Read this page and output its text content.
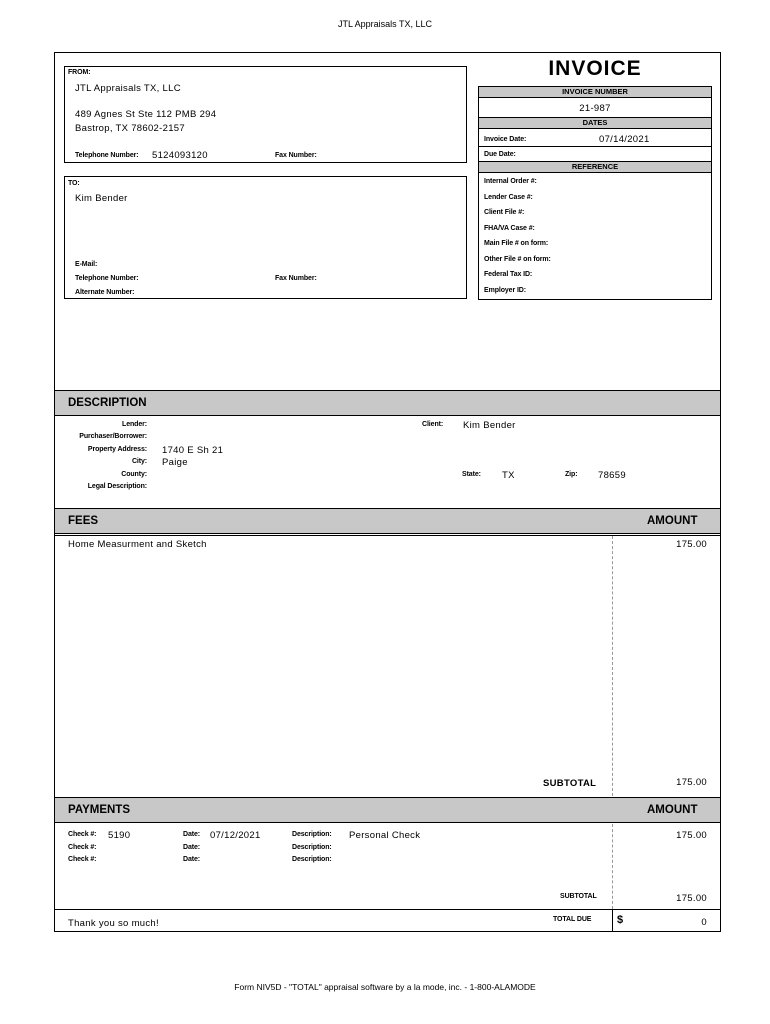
JTL Appraisals TX, LLC
FROM:
JTL Appraisals TX, LLC
489 Agnes St Ste 112 PMB 294
Bastrop, TX 78602-2157
Telephone Number: 5124093120	Fax Number:
TO:
Kim Bender
E-Mail:
Telephone Number:	Fax Number:
Alternate Number:
INVOICE
INVOICE NUMBER
21-987
DATES
Invoice Date:	07/14/2021
Due Date:
REFERENCE
Internal Order #:
Lender Case #:
Client File #:
FHA/VA Case #:
Main File # on form:
Other File # on form:
Federal Tax ID:
Employer ID:
DESCRIPTION
Lender:	Client: Kim Bender
Purchaser/Borrower:
Property Address: 1740 E Sh 21
City: Paige
County:	State: TX	Zip: 78659
Legal Description:
FEES	AMOUNT
Home Measurment and Sketch	175.00
SUBTOTAL	175.00
PAYMENTS	AMOUNT
Check #: 5190	Date: 07/12/2021	Description: Personal Check	175.00
Check #:	Date:	Description:
Check #:	Date:	Description:
SUBTOTAL	175.00
Thank you so much!	TOTAL DUE $	0
Form NIV5D - "TOTAL" appraisal software by a la mode, inc. - 1-800-ALAMODE
